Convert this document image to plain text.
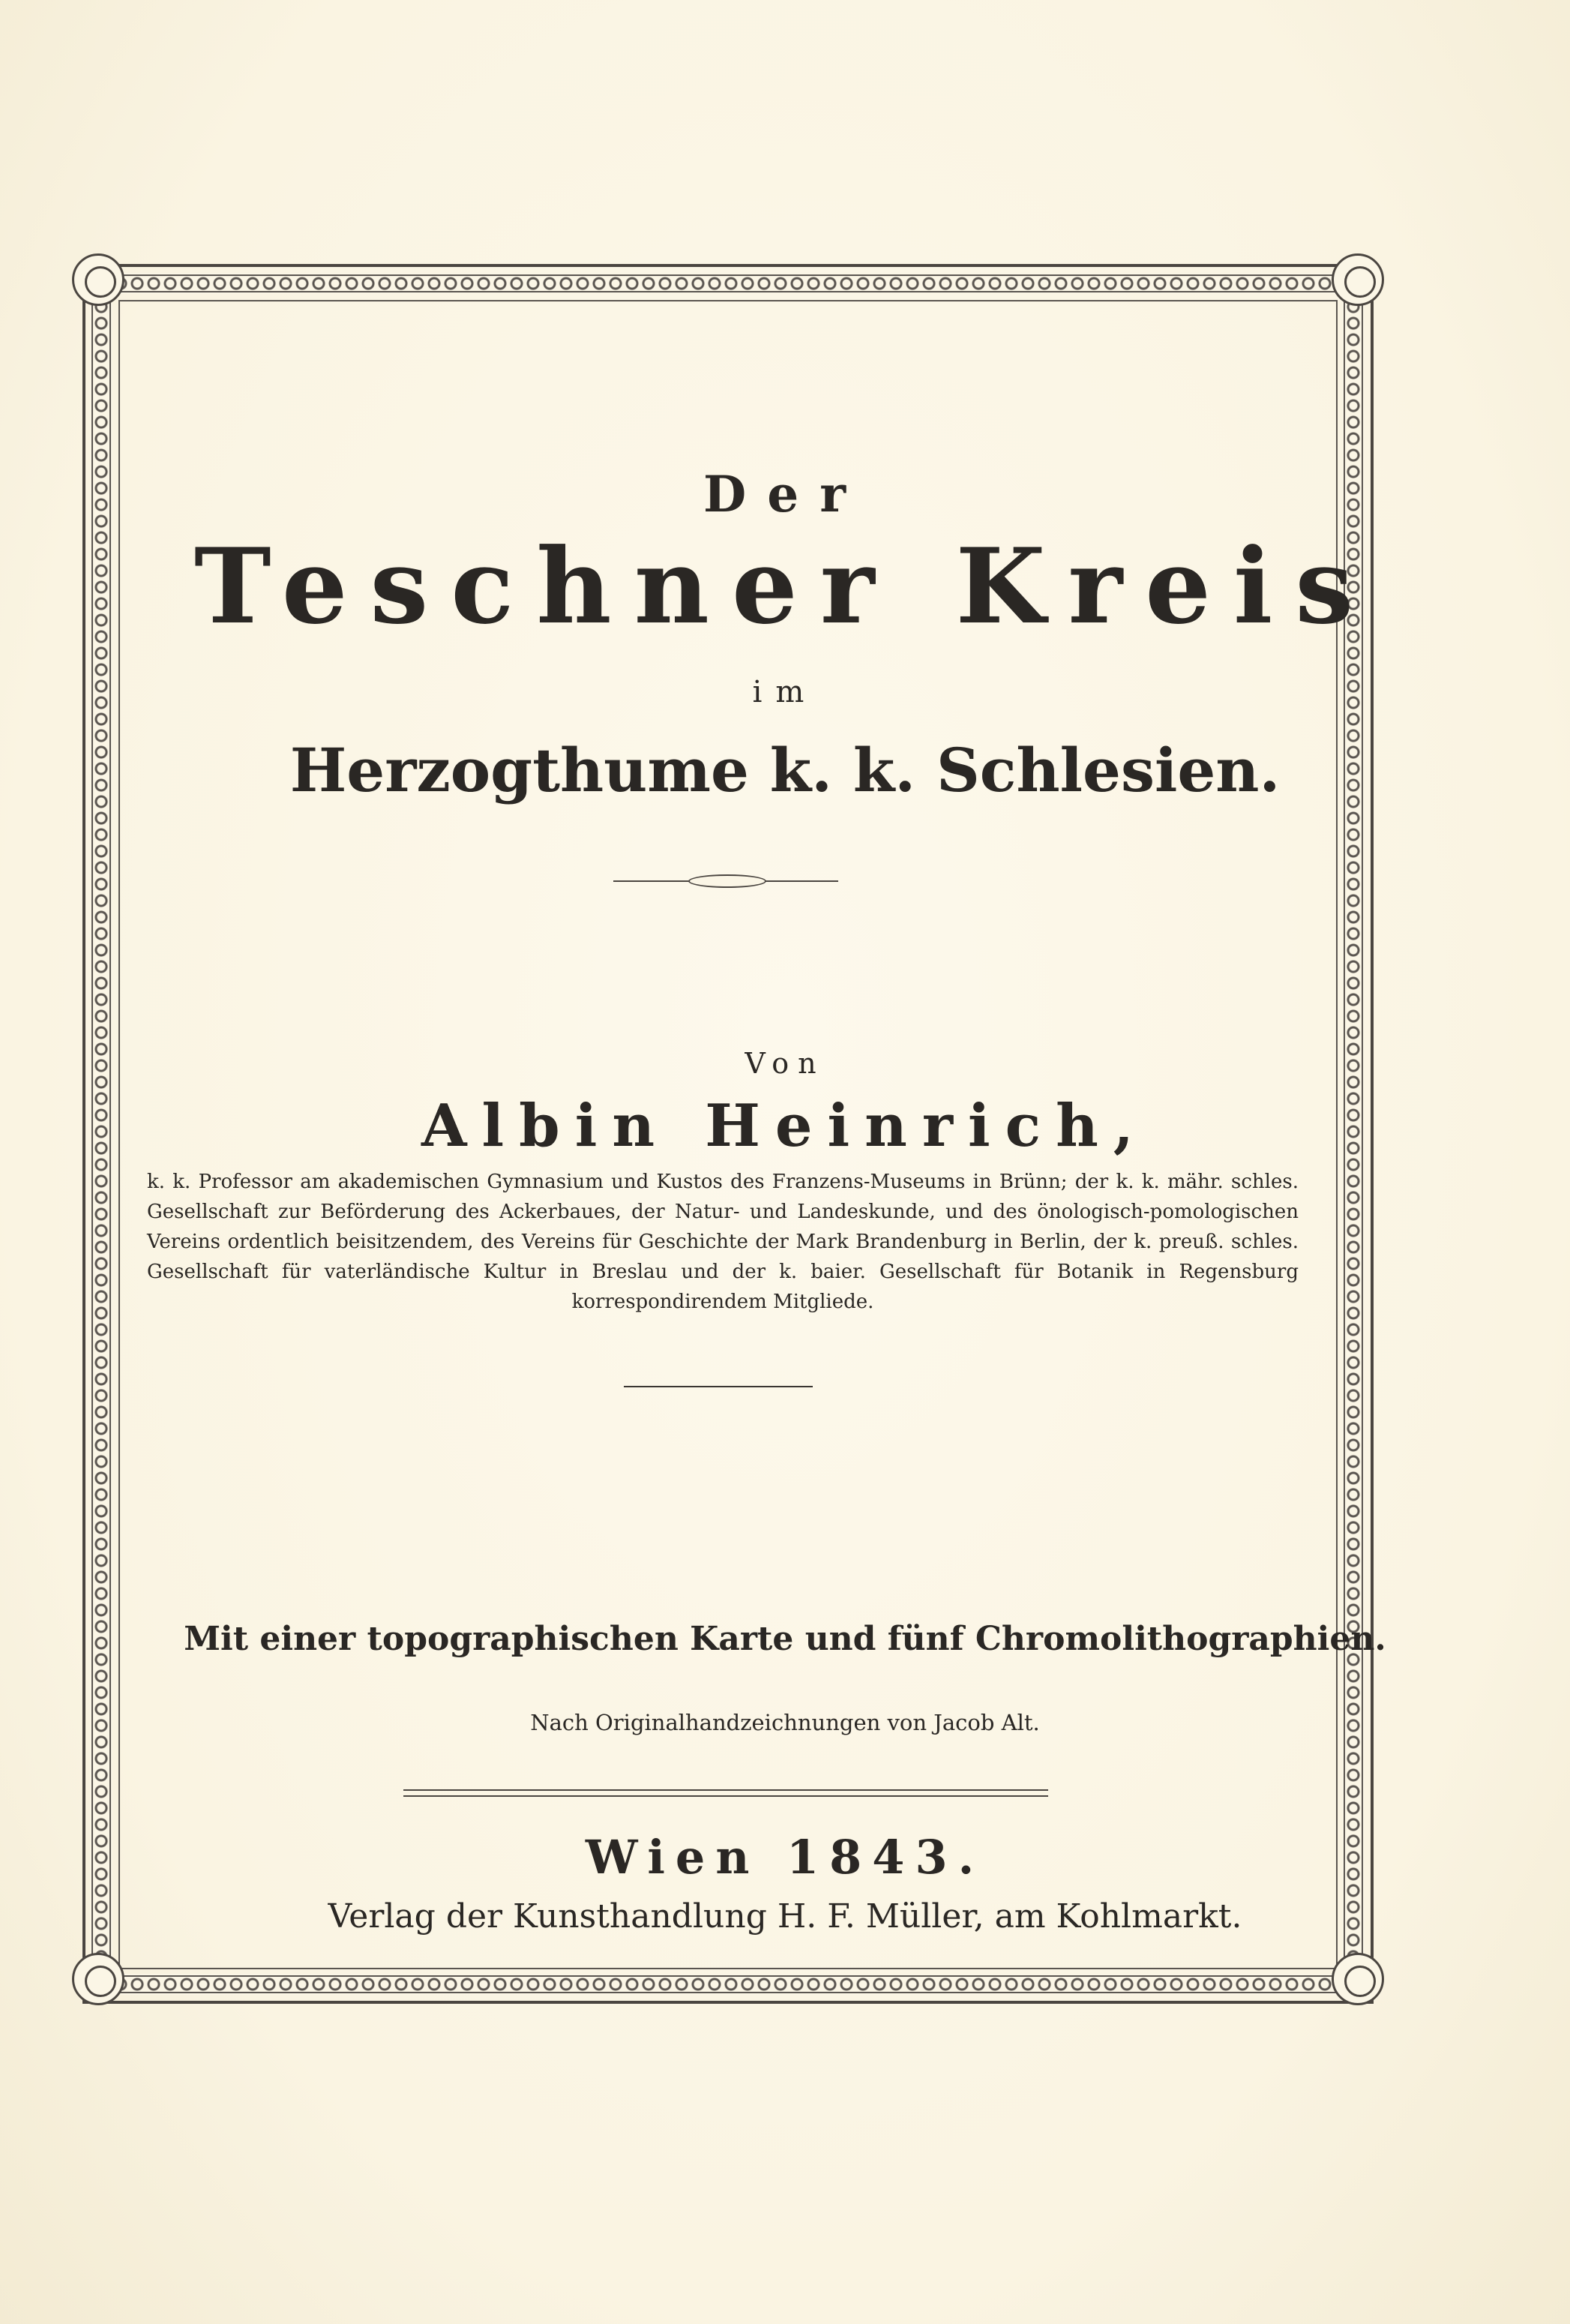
Der
Teschner Kreis
im
Herzogthume k. k. Schlesien.
Von
Albin Heinrich,
k. k. Professor am akademischen Gymnasium und Kustos des Franzens-Museums in Brünn; der k. k. mähr. schles. Gesellschaft zur Beförderung des Ackerbaues, der Natur- und Landeskunde, und des önologisch-pomologischen Vereins ordentlich beisitzendem, des Vereins für Geschichte der Mark Brandenburg in Berlin, der k. preuß. schles. Gesellschaft für vaterländische Kultur in Breslau und der k. baier. Gesellschaft für Botanik in Regensburg korrespondirendem Mitgliede.
Mit einer topographischen Karte und fünf Chromolithographien.
Nach Originalhandzeichnungen von Jacob Alt.
Wien 1843.
Verlag der Kunsthandlung H. F. Müller, am Kohlmarkt.
